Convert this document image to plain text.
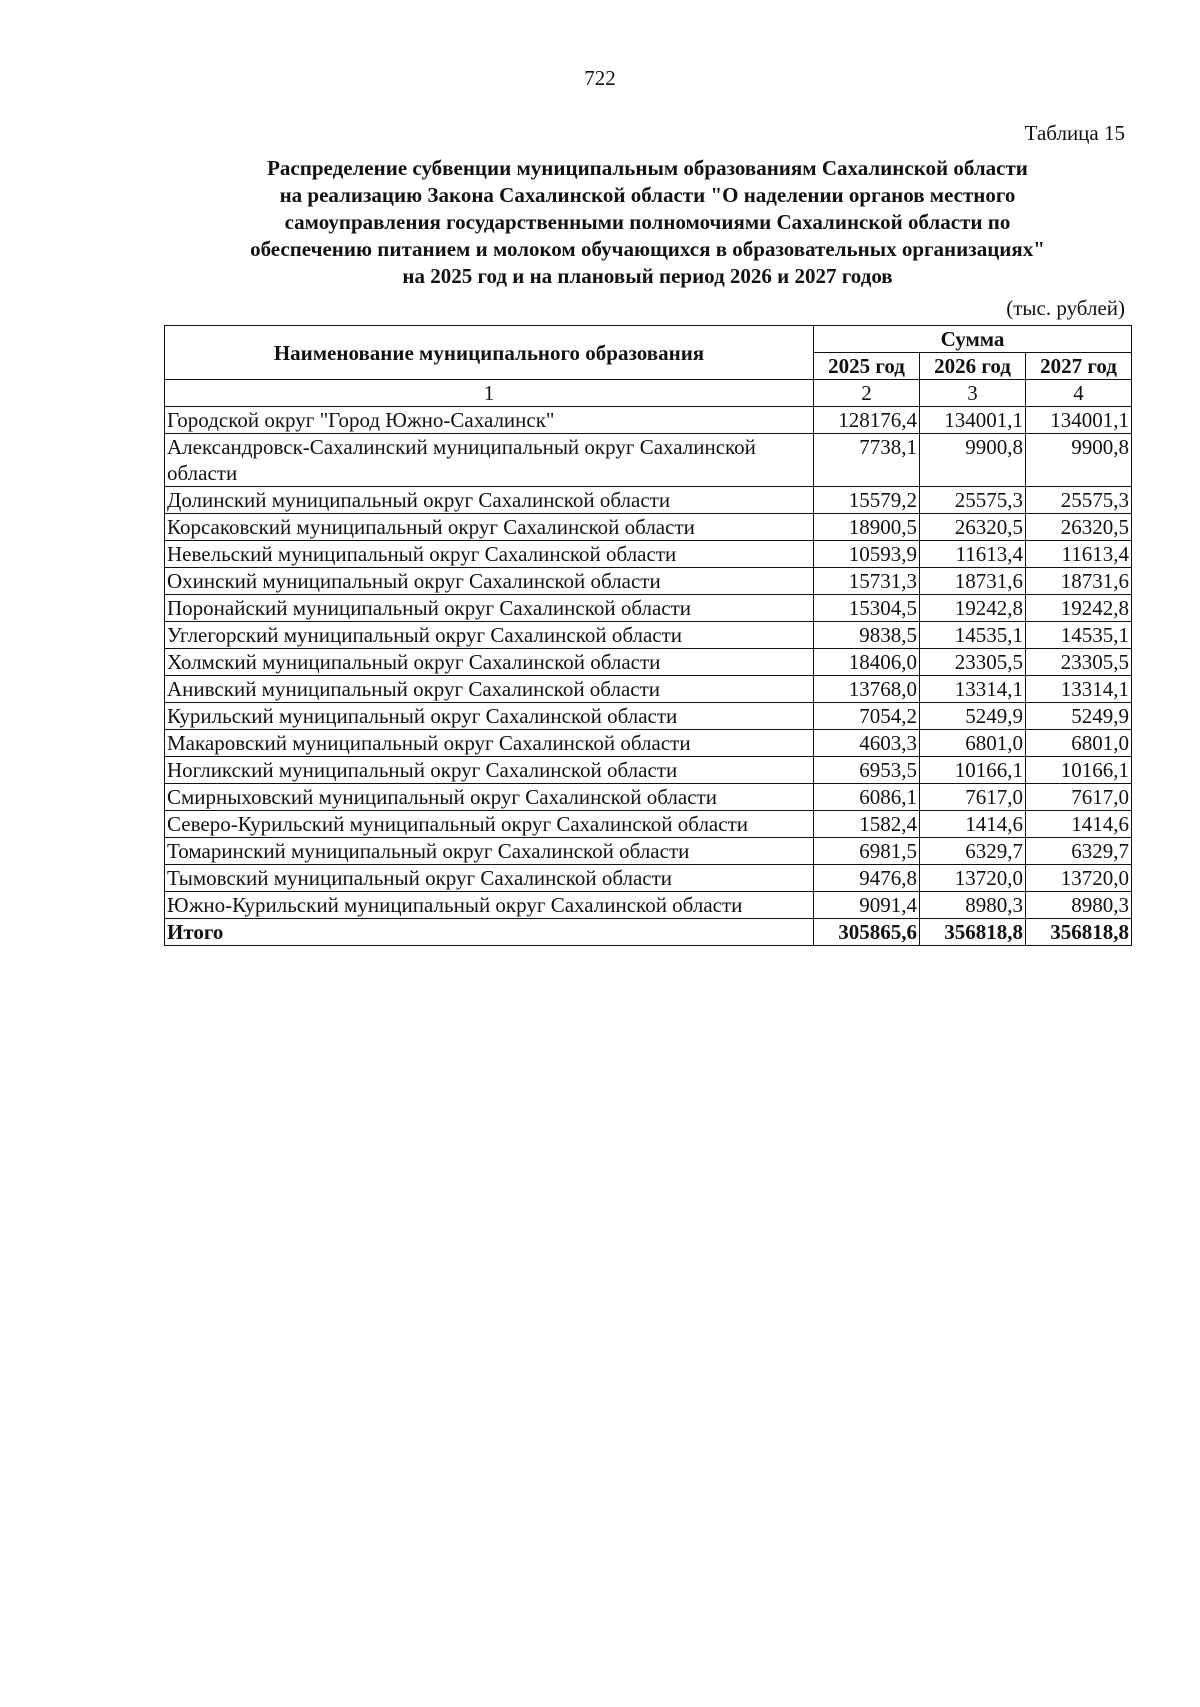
722
Таблица 15
Распределение субвенции муниципальным образованиям Сахалинской области
на реализацию Закона Сахалинской области "О наделении органов местного
самоуправления государственными полномочиями Сахалинской области по
обеспечению питанием и молоком обучающихся в образовательных организациях"
на 2025 год и на плановый период 2026 и 2027 годов
(тыс. рублей)
Наименование муниципального образования	Сумма		
	2025 год	2026 год	2027 год
1	2	3	4
Городской округ "Город Южно-Сахалинск"	128176,4	134001,1	134001,1
Александровск-Сахалинский муниципальный округ Сахалинской области	7738,1	9900,8	9900,8
Долинский муниципальный округ Сахалинской области	15579,2	25575,3	25575,3
Корсаковский муниципальный округ Сахалинской области	18900,5	26320,5	26320,5
Невельский муниципальный округ Сахалинской области	10593,9	11613,4	11613,4
Охинский муниципальный округ Сахалинской области	15731,3	18731,6	18731,6
Поронайский муниципальный округ Сахалинской области	15304,5	19242,8	19242,8
Углегорский муниципальный округ Сахалинской области	9838,5	14535,1	14535,1
Холмский муниципальный округ Сахалинской области	18406,0	23305,5	23305,5
Анивский муниципальный округ Сахалинской области	13768,0	13314,1	13314,1
Курильский муниципальный округ Сахалинской области	7054,2	5249,9	5249,9
Макаровский муниципальный округ Сахалинской области	4603,3	6801,0	6801,0
Ногликский муниципальный округ Сахалинской области	6953,5	10166,1	10166,1
Смирныховский муниципальный округ Сахалинской области	6086,1	7617,0	7617,0
Северо-Курильский муниципальный округ Сахалинской области	1582,4	1414,6	1414,6
Томаринский муниципальный округ Сахалинской области	6981,5	6329,7	6329,7
Тымовский муниципальный округ Сахалинской области	9476,8	13720,0	13720,0
Южно-Курильский муниципальный округ Сахалинской области	9091,4	8980,3	8980,3
Итого	305865,6	356818,8	356818,8
